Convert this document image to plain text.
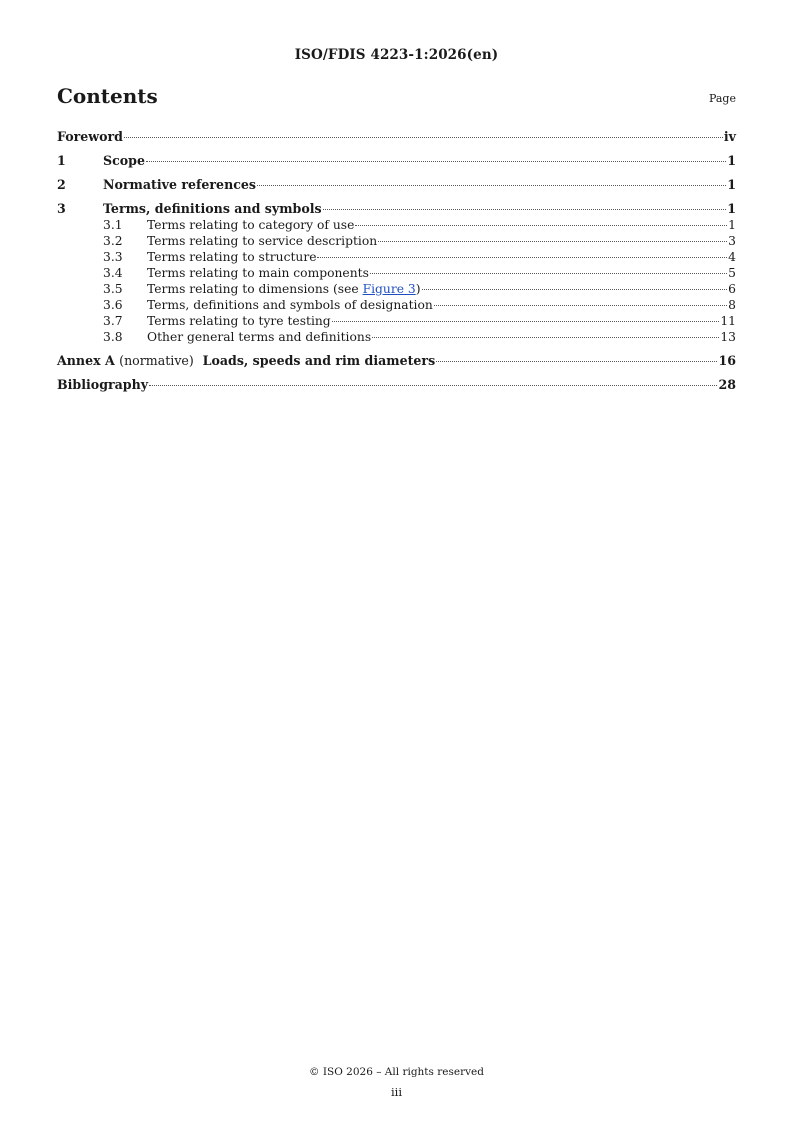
ISO/FDIS 4223-1:2026(en)
Contents	Page
Foreword	iv
1	Scope	1
2	Normative references	1
3	Terms, definitions and symbols	1
3.1	Terms relating to category of use	1
3.2	Terms relating to service description	3
3.3	Terms relating to structure	4
3.4	Terms relating to main components	5
3.5	Terms relating to dimensions (see Figure 3)	6
3.6	Terms, definitions and symbols of designation	8
3.7	Terms relating to tyre testing	11
3.8	Other general terms and definitions	13
Annex A (normative) Loads, speeds and rim diameters	16
Bibliography	28
© ISO 2026 – All rights reserved
iii
